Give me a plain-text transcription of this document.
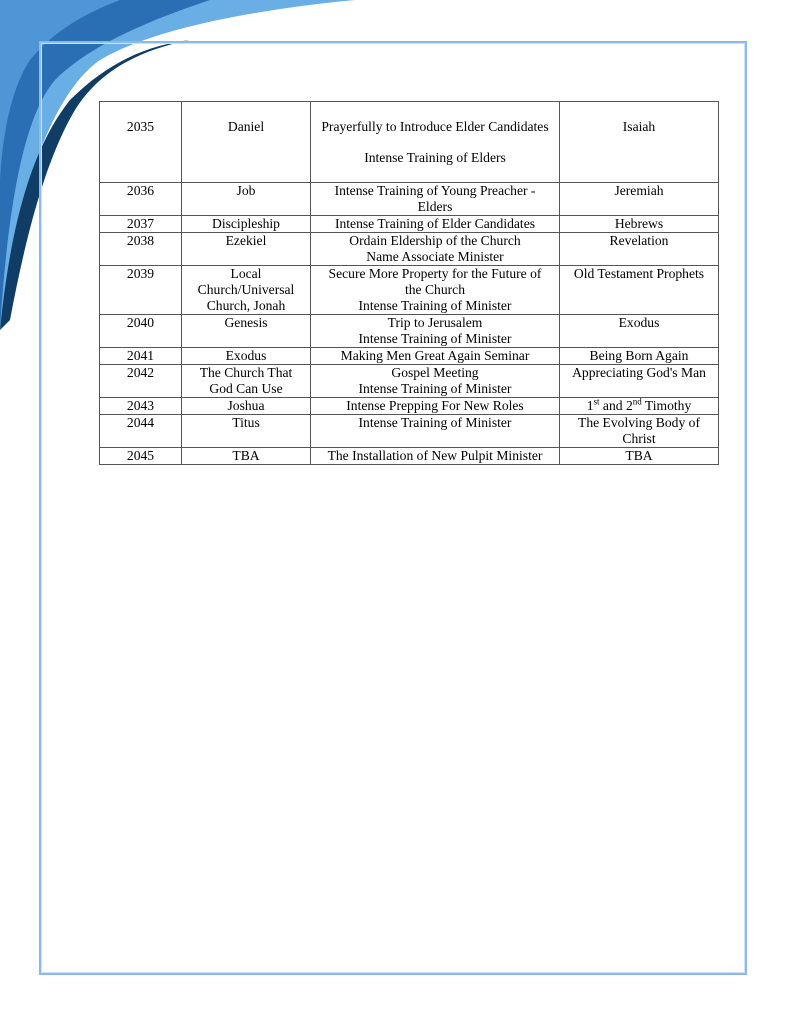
2035	Daniel	Prayerfully to Introduce Elder Candidates
Intense Training of Elders	Isaiah
2036	Job	Intense Training of Young Preacher -
Elders	Jeremiah
2037	Discipleship	Intense Training of Elder Candidates	Hebrews
2038	Ezekiel	Ordain Eldership of the Church
Name Associate Minister	Revelation
2039	Local
Church/Universal
Church, Jonah	Secure More Property for the Future of
the Church
Intense Training of Minister	Old Testament Prophets
2040	Genesis	Trip to Jerusalem
Intense Training of Minister	Exodus
2041	Exodus	Making Men Great Again Seminar	Being Born Again
2042	The Church That
God Can Use	Gospel Meeting
Intense Training of Minister	Appreciating God's Man
2043	Joshua	Intense Prepping For New Roles	1st and 2nd Timothy
2044	Titus	Intense Training of Minister	The Evolving Body of
Christ

2045	TBA	The Installation of New Pulpit Minister	TBA
